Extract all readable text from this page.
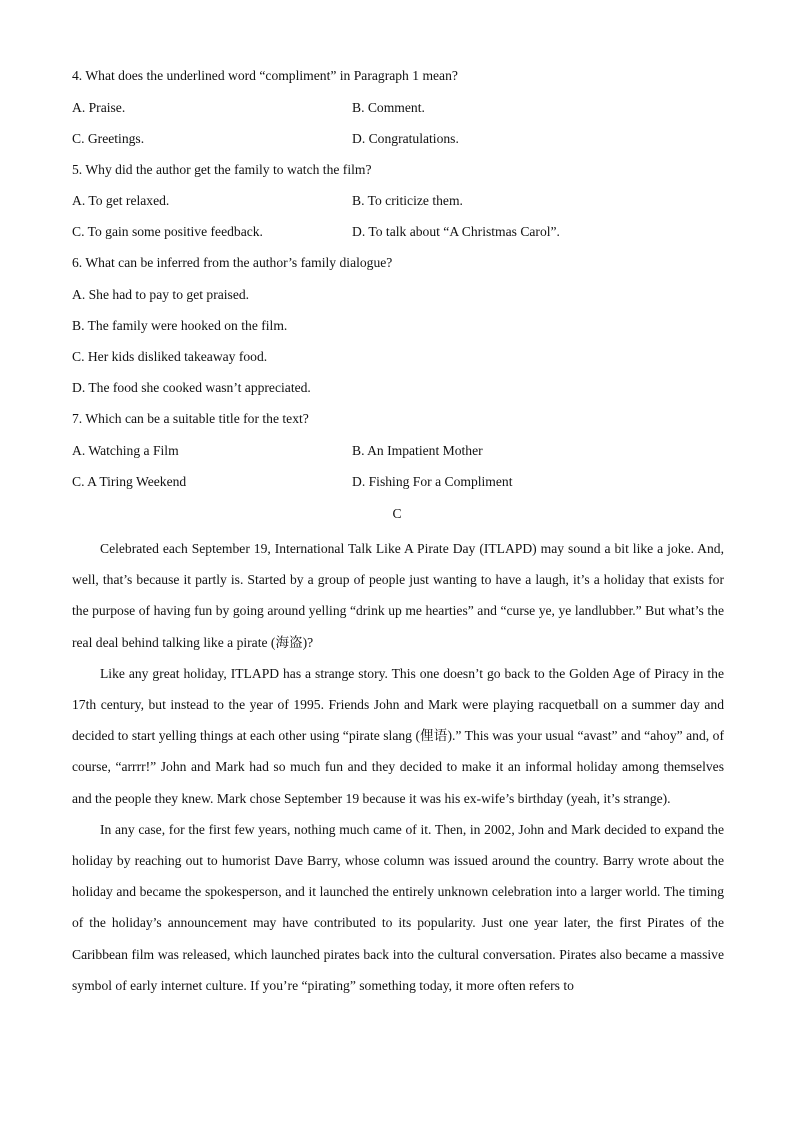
4. What does the underlined word “compliment” in Paragraph 1 mean?
A. Praise.	B. Comment.
C. Greetings.	D. Congratulations.
5. Why did the author get the family to watch the film?
A. To get relaxed.	B. To criticize them.
C. To gain some positive feedback.	D. To talk about “A Christmas Carol”.
6. What can be inferred from the author’s family dialogue?
A. She had to pay to get praised.
B. The family were hooked on the film.
C. Her kids disliked takeaway food.
D. The food she cooked wasn’t appreciated.
7. Which can be a suitable title for the text?
A. Watching a Film	B. An Impatient Mother
C. A Tiring Weekend	D. Fishing For a Compliment
C

Celebrated each September 19, International Talk Like A Pirate Day (ITLAPD) may sound a bit like a joke. And, well, that’s because it partly is. Started by a group of people just wanting to have a laugh, it’s a holiday that exists for the purpose of having fun by going around yelling “drink up me hearties” and “curse ye, ye landlubber.” But what’s the real deal behind talking like a pirate (海盗)?

Like any great holiday, ITLAPD has a strange story. This one doesn’t go back to the Golden Age of Piracy in the 17th century, but instead to the year of 1995. Friends John and Mark were playing racquetball on a summer day and decided to start yelling things at each other using “pirate slang (俚语).” This was your usual “avast” and “ahoy” and, of course, “arrrr!” John and Mark had so much fun and they decided to make it an informal holiday among themselves and the people they knew. Mark chose September 19 because it was his ex-wife’s birthday (yeah, it’s strange).

In any case, for the first few years, nothing much came of it. Then, in 2002, John and Mark decided to expand the holiday by reaching out to humorist Dave Barry, whose column was issued around the country. Barry wrote about the holiday and became the spokesperson, and it launched the entirely unknown celebration into a larger world. The timing of the holiday’s announcement may have contributed to its popularity. Just one year later, the first Pirates of the Caribbean film was released, which launched pirates back into the cultural conversation. Pirates also became a massive symbol of early internet culture. If you’re “pirating” something today, it more often refers to
